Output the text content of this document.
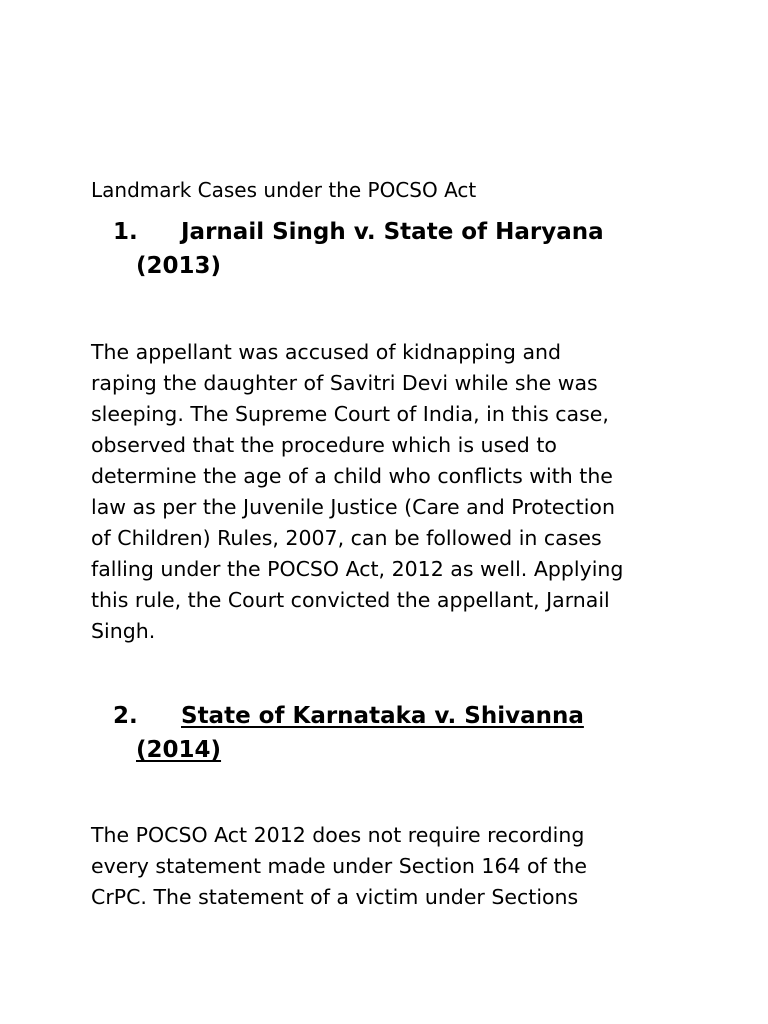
Landmark Cases under the POCSO Act
1. Jarnail Singh v. State of Haryana
(2013)
The appellant was accused of kidnapping and
raping the daughter of Savitri Devi while she was
sleeping. The Supreme Court of India, in this case,
observed that the procedure which is used to
determine the age of a child who conflicts with the
law as per the Juvenile Justice (Care and Protection
of Children) Rules, 2007, can be followed in cases
falling under the POCSO Act, 2012 as well. Applying
this rule, the Court convicted the appellant, Jarnail
Singh.
2. State of Karnataka v. Shivanna
(2014)
The POCSO Act 2012 does not require recording
every statement made under Section 164 of the
CrPC. The statement of a victim under Sections
